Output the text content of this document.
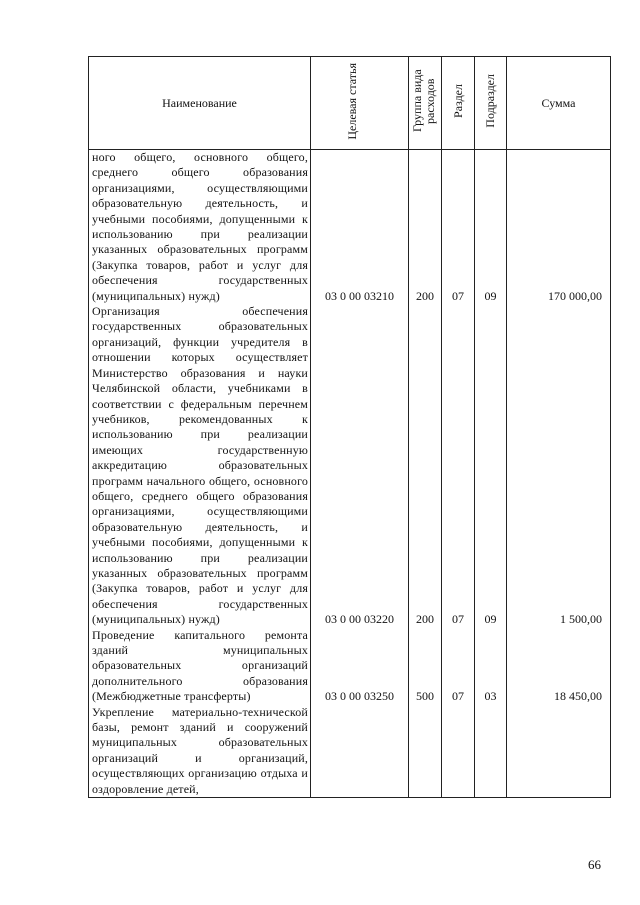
Наименование	Целевая статья	Группа вида расходов	Раздел	Подраздел	Сумма
ного общего, основного общего, среднего общего образования организациями, осуществляющими образовательную деятельность, и учебными пособиями, допущенными к использованию при реализации указанных образовательных программ (Закупка товаров, работ и услуг для обеспечения государственных (муниципальных) нужд)	03 0 00 03210	200	07	09	170 000,00
Организация обеспечения государственных образовательных организаций, функции учредителя в отношении которых осуществляет Министерство образования и науки Челябинской области, учебниками в соответствии с федеральным перечнем учебников, рекомендованных к использованию при реализации имеющих государственную аккредитацию образовательных программ начального общего, основного общего, среднего общего образования организациями, осуществляющими образовательную деятельность, и учебными пособиями, допущенными к использованию при реализации указанных образовательных программ (Закупка товаров, работ и услуг для обеспечения государственных (муниципальных) нужд)	03 0 00 03220	200	07	09	1 500,00
Проведение капитального ремонта зданий муниципальных образовательных организаций дополнительного образования (Межбюджетные трансферты)	03 0 00 03250	500	07	03	18 450,00
Укрепление материально-технической базы, ремонт зданий и сооружений муниципальных образовательных организаций и организаций, осуществляющих организацию отдыха и оздоровление детей,					
66
